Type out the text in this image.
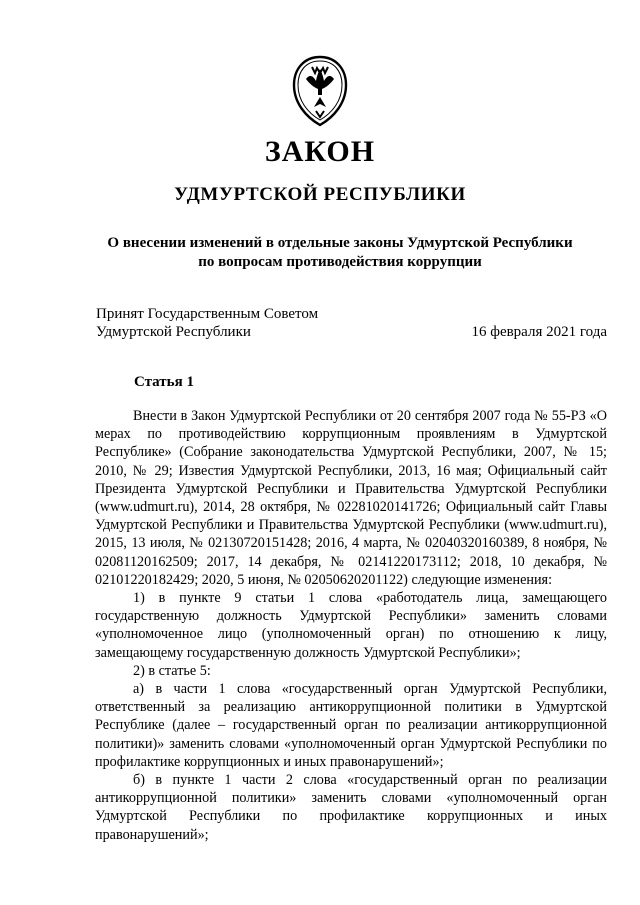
ЗАКОН
УДМУРТСКОЙ РЕСПУБЛИКИ
О внесении изменений в отдельные законы Удмуртской Республики
по вопросам противодействия коррупции
Принят Государственным Советом
Удмуртской Республики	16 февраля 2021 года
Статья 1

Внести в Закон Удмуртской Республики от 20 сентября 2007 года № 55-РЗ «О мерах по противодействию коррупционным проявлениям в Удмуртской Республике» (Собрание законодательства Удмуртской Республики, 2007, № 15; 2010, № 29; Известия Удмуртской Республики, 2013, 16 мая; Официальный сайт Президента Удмуртской Республики и Правительства Удмуртской Республики (www.udmurt.ru), 2014, 28 октября, № 02281020141726; Официальный сайт Главы Удмуртской Республики и Правительства Удмуртской Республики (www.udmurt.ru), 2015, 13 июля, № 02130720151428; 2016, 4 марта, № 02040320160389, 8 ноября, № 02081120162509; 2017, 14 декабря, № 02141220173112; 2018, 10 декабря, № 02101220182429; 2020, 5 июня, № 02050620201122) следующие изменения:

1) в пункте 9 статьи 1 слова «работодатель лица, замещающего государственную должность Удмуртской Республики» заменить словами «уполномоченное лицо (уполномоченный орган) по отношению к лицу, замещающему государственную должность Удмуртской Республики»;

2) в статье 5:

а) в части 1 слова «государственный орган Удмуртской Республики, ответственный за реализацию антикоррупционной политики в Удмуртской Республике (далее – государственный орган по реализации антикоррупционной политики)» заменить словами «уполномоченный орган Удмуртской Республики по профилактике коррупционных и иных правонарушений»;

б) в пункте 1 части 2 слова «государственный орган по реализации антикоррупционной политики» заменить словами «уполномоченный орган Удмуртской Республики по профилактике коррупционных и иных правонарушений»;
